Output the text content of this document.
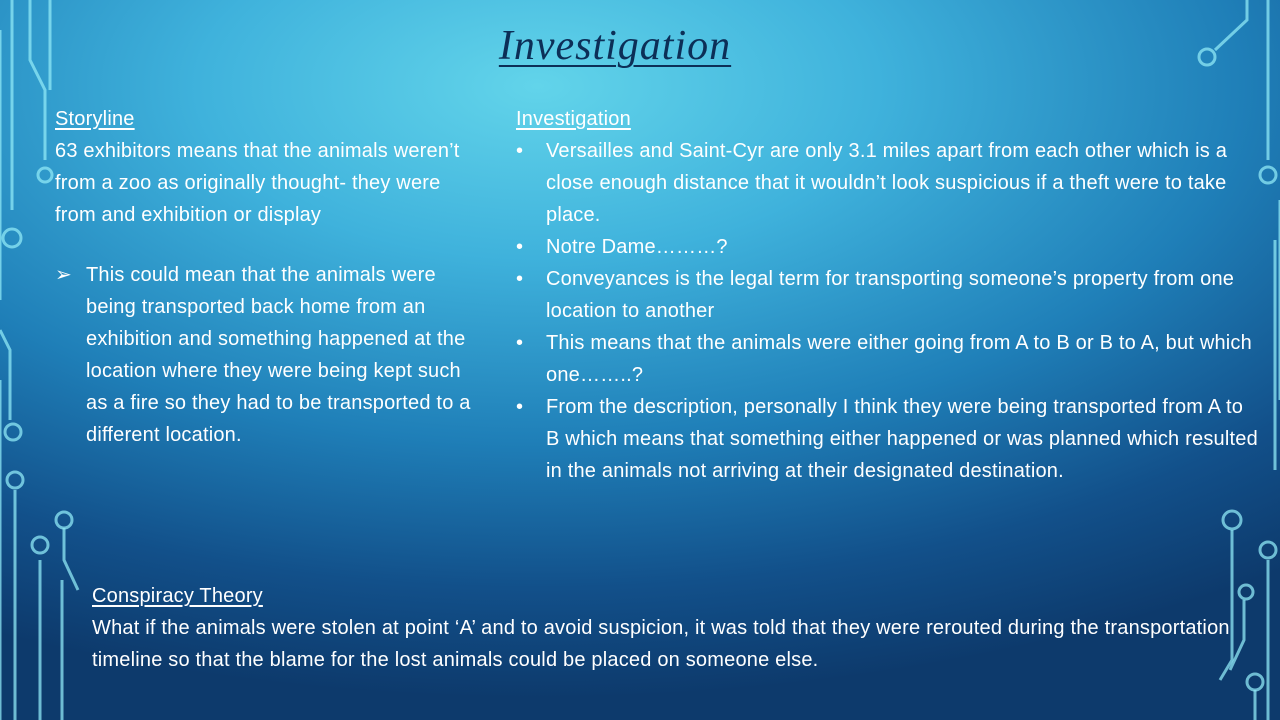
Investigation
Storyline

63 exhibitors means that the animals weren’t from a zoo as originally thought- they were from and exhibition or display

➢ This could mean that the animals were being transported back home from an exhibition and something happened at the location where they were being kept such as a fire so they had to be transported to a different location.
Investigation
• Versailles and Saint-Cyr are only 3.1 miles apart from each other which is a close enough distance that it wouldn’t look suspicious if a theft were to take place.
• Notre Dame………?
• Conveyances is the legal term for transporting someone’s property from one location to another
• This means that the animals were either going from A to B or B to A, but which one……..?
• From the description, personally I think they were being transported from A to B which means that something either happened or was planned which resulted in the animals not arriving at their designated destination.
Conspiracy Theory

What if the animals were stolen at point ‘A’ and to avoid suspicion, it was told that they were rerouted during the transportation timeline so that the blame for the lost animals could be placed on someone else.
